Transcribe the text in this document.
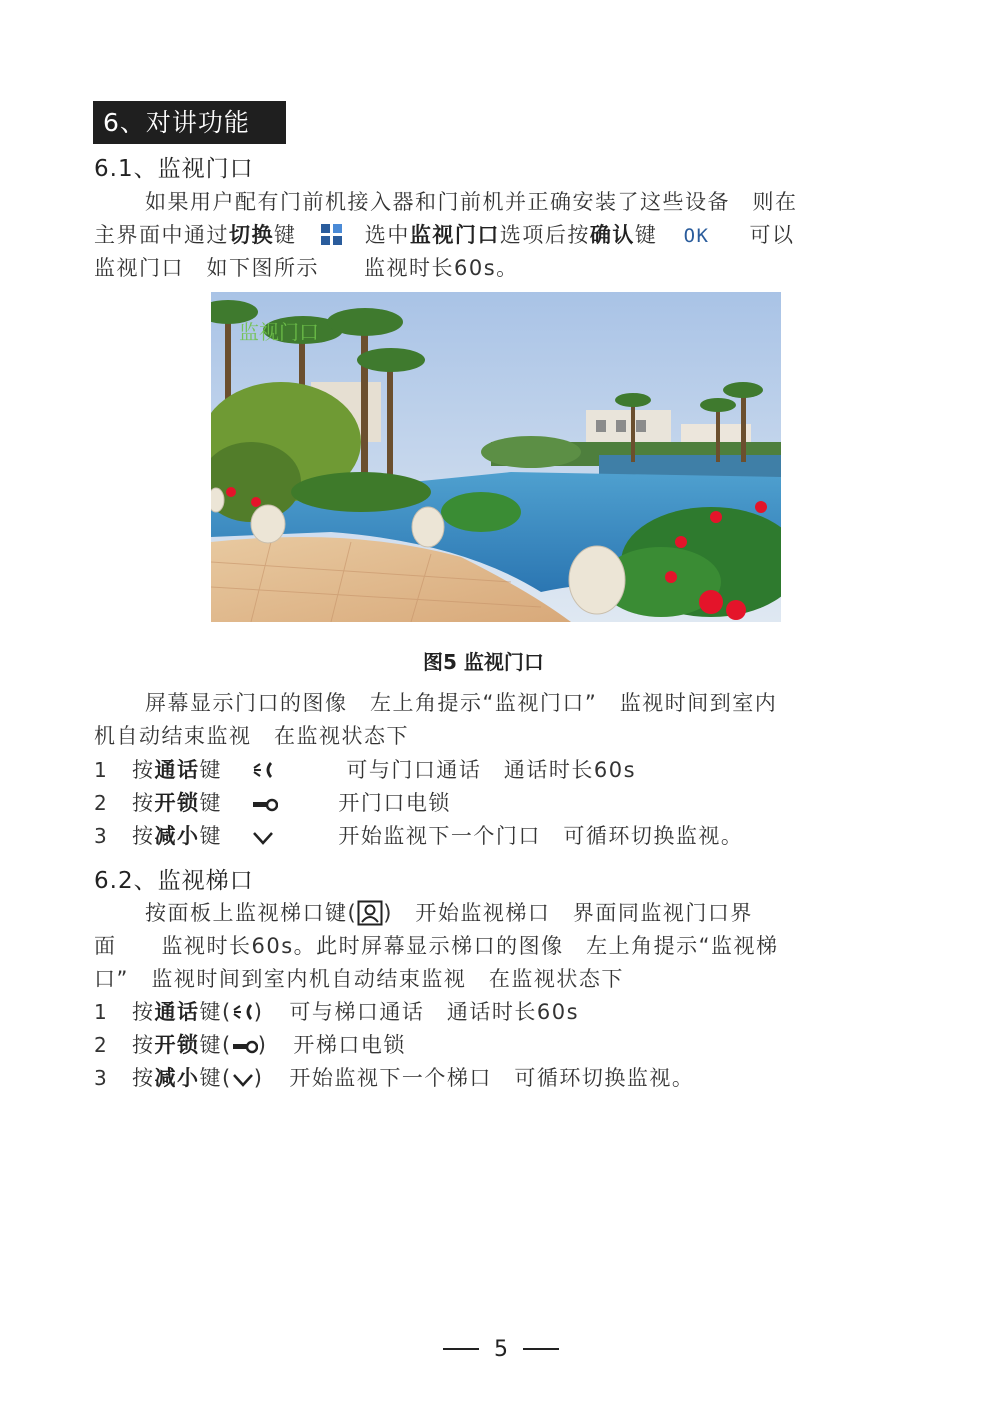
6、对讲功能
6.1、监视门口
如果用户配有门前机接入器和门前机并正确安装了这些设备　则在
主界面中通过切换键	选中监视门口选项后按确认键 OK 可以
监视门口　如下图所示　　监视时长60s。
监视门口
图5 监视门口
屏幕显示门口的图像　左上角提示“监视门口”　监视时间到室内
机自动结束监视　在监视状态下
1 按通话键	可与门口通话　通话时长60s
2 按开锁键	开门口电锁
3 按减小键	开始监视下一个门口　可循环切换监视。
6.2、监视梯口
按面板上监视梯口键( )　开始监视梯口　界面同监视门口界
面　　监视时长60s。此时屏幕显示梯口的图像　左上角提示“监视梯
口”　监视时间到室内机自动结束监视　在监视状态下
1 按通话键( ) 可与梯口通话　通话时长60s
2 按开锁键( ) 开梯口电锁
3 按减小键( ) 开始监视下一个梯口　可循环切换监视。
5
